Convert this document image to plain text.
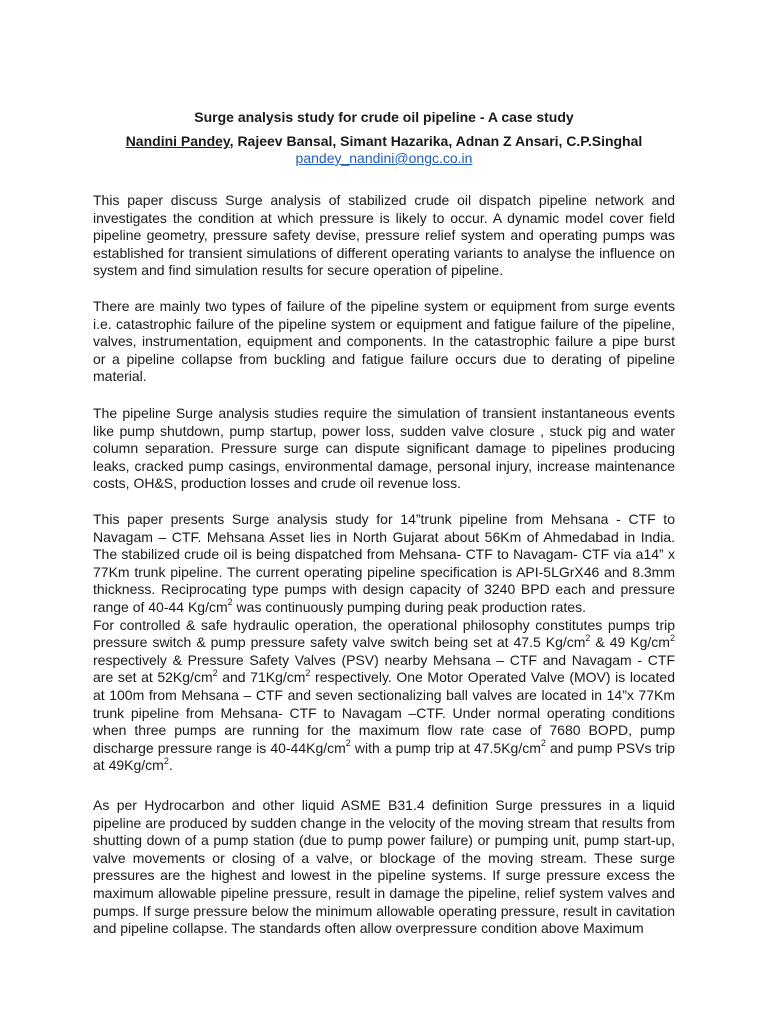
Surge analysis study for crude oil pipeline - A case study
Nandini Pandey, Rajeev Bansal, Simant Hazarika, Adnan Z Ansari, C.P.Singhal
pandey_nandini@ongc.co.in
This paper discuss Surge analysis of stabilized crude oil dispatch pipeline network and
investigates the condition at which pressure is likely to occur. A dynamic model cover field
pipeline geometry, pressure safety devise, pressure relief system and operating pumps was
established for transient simulations of different operating variants to analyse the influence on
system and find simulation results for secure operation of pipeline.
There are mainly two types of failure of the pipeline system or equipment from surge events
i.e. catastrophic failure of the pipeline system or equipment and fatigue failure of the pipeline,
valves, instrumentation, equipment and components. In the catastrophic failure a pipe burst
or a pipeline collapse from buckling and fatigue failure occurs due to derating of pipeline
material.
The pipeline Surge analysis studies require the simulation of transient instantaneous events
like pump shutdown, pump startup, power loss, sudden valve closure , stuck pig and water
column separation. Pressure surge can dispute significant damage to pipelines producing
leaks, cracked pump casings, environmental damage, personal injury, increase maintenance
costs, OH&S, production losses and crude oil revenue loss.
This paper presents Surge analysis study for 14”trunk pipeline from Mehsana - CTF to
Navagam – CTF. Mehsana Asset lies in North Gujarat about 56Km of Ahmedabad in India.
The stabilized crude oil is being dispatched from Mehsana- CTF to Navagam- CTF via a14” x
77Km trunk pipeline. The current operating pipeline specification is API-5LGrX46 and 8.3mm
thickness. Reciprocating type pumps with design capacity of 3240 BPD each and pressure
range of 40-44 $Kg/cm^2$ was continuously pumping during peak production rates.
For controlled & safe hydraulic operation, the operational philosophy constitutes pumps trip
pressure switch & pump pressure safety valve switch being set at 47.5 $Kg/cm^2$ & 49 $Kg/cm^2$
respectively & Pressure Safety Valves (PSV) nearby Mehsana – CTF and Navagam - CTF
are set at $52Kg/cm^2$ and $71Kg/cm^2$ respectively. One Motor Operated Valve (MOV) is located
at 100m from Mehsana – CTF and seven sectionalizing ball valves are located in 14”x 77Km
trunk pipeline from Mehsana- CTF to Navagam –CTF. Under normal operating conditions
when three pumps are running for the maximum flow rate case of 7680 BOPD, pump
discharge pressure range is $40-44Kg/cm^2$ with a pump trip at $47.5Kg/cm^2$ and pump PSVs trip
at $49Kg/cm^2$.
As per Hydrocarbon and other liquid ASME B31.4 definition Surge pressures in a liquid
pipeline are produced by sudden change in the velocity of the moving stream that results from
shutting down of a pump station (due to pump power failure) or pumping unit, pump start-up,
valve movements or closing of a valve, or blockage of the moving stream. These surge
pressures are the highest and lowest in the pipeline systems. If surge pressure excess the
maximum allowable pipeline pressure, result in damage the pipeline, relief system valves and
pumps. If surge pressure below the minimum allowable operating pressure, result in cavitation
and pipeline collapse. The standards often allow overpressure condition above Maximum
